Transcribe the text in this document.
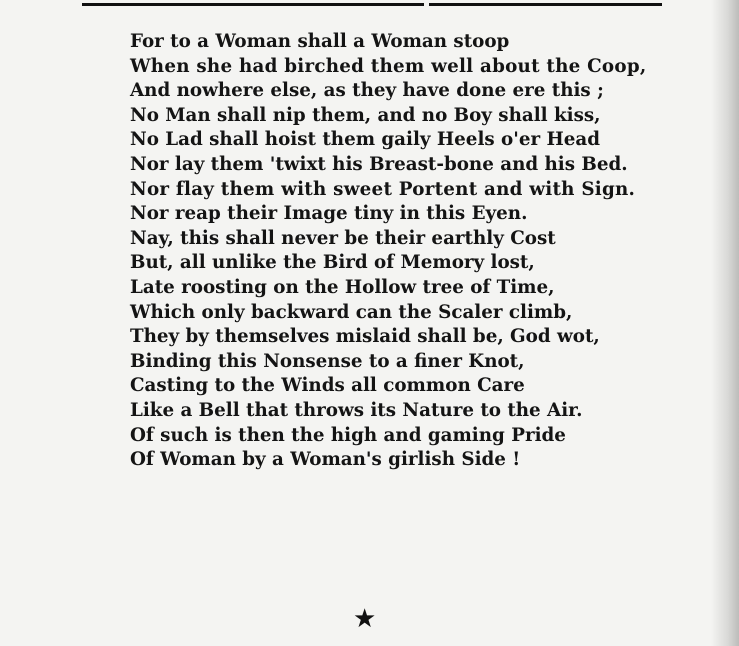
For to a Woman shall a Woman stoop
When she had birched them well about the Coop,
And nowhere else, as they have done ere this ;
No Man shall nip them, and no Boy shall kiss,
No Lad shall hoist them gaily Heels o'er Head
Nor lay them 'twixt his Breast-bone and his Bed.
Nor flay them with sweet Portent and with Sign.
Nor reap their Image tiny in this Eyen.
Nay, this shall never be their earthly Cost
But, all unlike the Bird of Memory lost,
Late roosting on the Hollow tree of Time,
Which only backward can the Scaler climb,
They by themselves mislaid shall be, God wot,
Binding this Nonsense to a finer Knot,
Casting to the Winds all common Care
Like a Bell that throws its Nature to the Air.
Of such is then the high and gaming Pride
Of Woman by a Woman's girlish Side !
★
